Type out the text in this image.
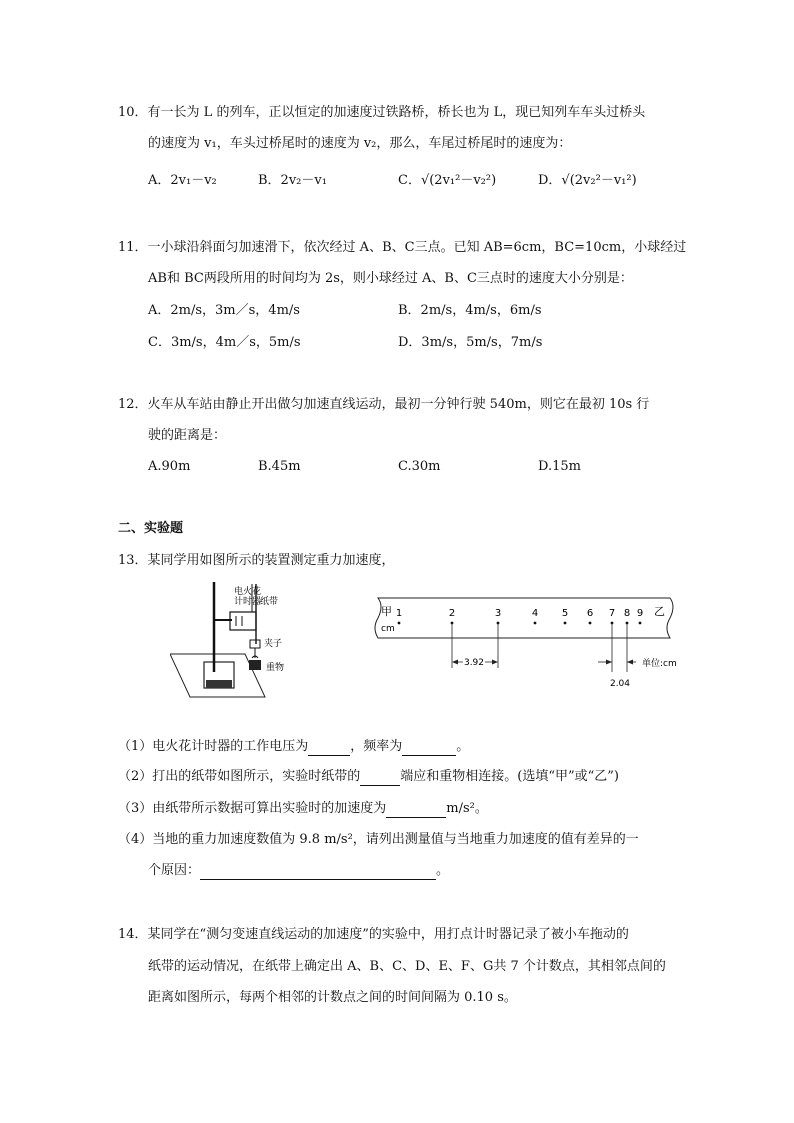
10．有一长为 L 的列车，正以恒定的加速度过铁路桥，桥长也为 L，现已知列车车头过桥头
的速度为 v₁，车头过桥尾时的速度为 v₂，那么，车尾过桥尾时的速度为：
A．2v₁－v₂	B．2v₂－v₁	C．√(2v₁²－v₂²)	D．√(2v₂²－v₁²)
11．一小球沿斜面匀加速滑下，依次经过 A、B、C三点。已知 AB=6cm，BC=10cm，小球经过
AB和 BC两段所用的时间均为 2s，则小球经过 A、B、C三点时的速度大小分别是：
A．2m/s，3m／s，4m/s	B．2m/s，4m/s，6m/s
C．3m/s，4m／s，5m/s	D．3m/s，5m/s，7m/s
12．火车从车站由静止开出做匀加速直线运动，最初一分钟行驶 540m，则它在最初 10s 行
驶的距离是：
A.90m	B.45m	C.30m	D.15m
二、实验题
13．某同学用如图所示的装置测定重力加速度，
电火花
计时器
纸带
夹子
重物
甲
cm
乙
1	2	3	4 5 6 7 8 9
3.92
2.04
单位:cm
（1）电火花计时器的工作电压为	，频率为	。
（2）打出的纸带如图所示，实验时纸带的	端应和重物相连接。(选填“甲”或“乙”)
（3）由纸带所示数据可算出实验时的加速度为	m/s²。
（4）当地的重力加速度数值为 9.8 m/s²，请列出测量值与当地重力加速度的值有差异的一
个原因：	。
14．某同学在“测匀变速直线运动的加速度”的实验中，用打点计时器记录了被小车拖动的
纸带的运动情况，在纸带上确定出 A、B、C、D、E、F、G共 7 个计数点，其相邻点间的
距离如图所示，每两个相邻的计数点之间的时间间隔为 0.10 s。
